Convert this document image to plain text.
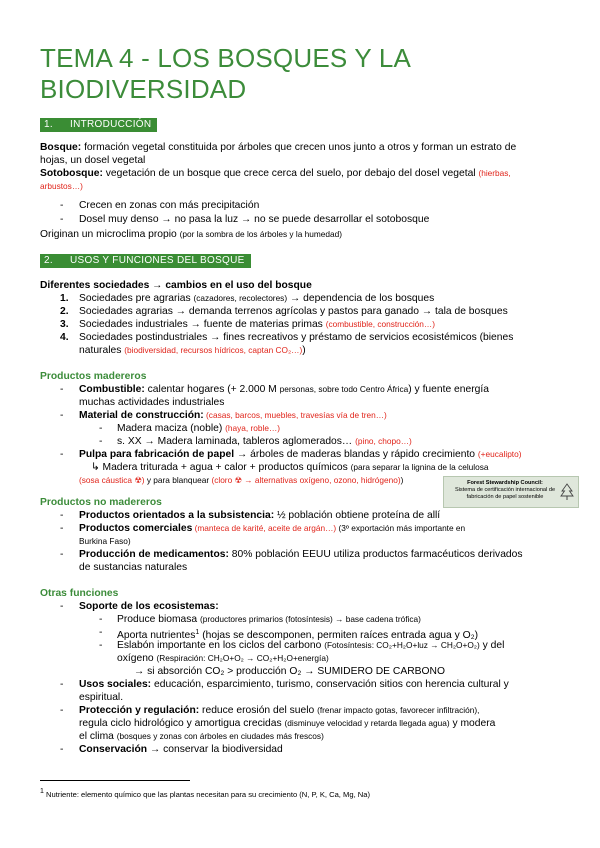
TEMA 4 - LOS BOSQUES Y LA BIODIVERSIDAD
1. INTRODUCCIÓN
Bosque: formación vegetal constituida por árboles que crecen unos junto a otros y forman un estrato de
hojas, un dosel vegetal
Sotobosque: vegetación de un bosque que crece cerca del suelo, por debajo del dosel vegetal (hierbas,
arbustos…)
- Crecen en zonas con más precipitación
- Dosel muy denso → no pasa la luz → no se puede desarrollar el sotobosque
Originan un microclima propio (por la sombra de los árboles y la humedad)
2. USOS Y FUNCIONES DEL BOSQUE
Diferentes sociedades → cambios en el uso del bosque
1. Sociedades pre agrarias (cazadores, recolectores) → dependencia de los bosques
2. Sociedades agrarias → demanda terrenos agrícolas y pastos para ganado → tala de bosques
3. Sociedades industriales → fuente de materias primas (combustible, construcción…)
4. Sociedades postindustriales → fines recreativos y préstamo de servicios ecosistémicos (bienes
naturales (biodiversidad, recursos hídricos, captan CO₂…))
Productos madereros
- Combustible: calentar hogares (+ 2.000 M personas, sobre todo Centro África) y fuente energía
muchas actividades industriales
- Material de construcción: (casas, barcos, muebles, travesías vía de tren…)
- Madera maciza (noble) (haya, roble…)
- s. XX → Madera laminada, tableros aglomerados… (pino, chopo…)
- Pulpa para fabricación de papel → árboles de maderas blandas y rápido crecimiento (+eucalipto)
↳ Madera triturada + agua + calor + productos químicos (para separar la lignina de la celulosa
(sosa cáustica ☢) y para blanquear (cloro ☢ → alternativas oxígeno, ozono, hidrógeno))	Forest Stewardship Council:
Sistema de certificación internacional de
fabricación de papel sostenible
Productos no madereros
- Productos orientados a la subsistencia: ½ población obtiene proteína de allí
- Productos comerciales (manteca de karité, aceite de argán…) (3º exportación más importante en
Burkina Faso)
- Producción de medicamentos: 80% población EEUU utiliza productos farmacéuticos derivados
de sustancias naturales
Otras funciones
- Soporte de los ecosistemas:
- Produce biomasa (productores primarios (fotosíntesis) → base cadena trófica)
- Aporta nutrientes$^1$ (hojas se descomponen, permiten raíces entrada agua y O₂)
- Eslabón importante en los ciclos del carbono (Fotosíntesis: CO₂+H₂O+luz → CH₂O+O₂) y del
oxígeno (Respiración: CH₂O+O₂ → CO₂+H₂O+energía)
→ si absorción CO₂ > producción O₂ → SUMIDERO DE CARBONO
- Usos sociales: educación, esparcimiento, turismo, conservación sitios con herencia cultural y
espiritual.
- Protección y regulación: reduce erosión del suelo (frenar impacto gotas, favorecer infiltración),
regula ciclo hidrológico y amortigua crecidas (disminuye velocidad y retarda llegada agua) y modera
el clima (bosques y zonas con árboles en ciudades más frescos)
- Conservación → conservar la biodiversidad
1 Nutriente: elemento químico que las plantas necesitan para su crecimiento (N, P, K, Ca, Mg, Na)
